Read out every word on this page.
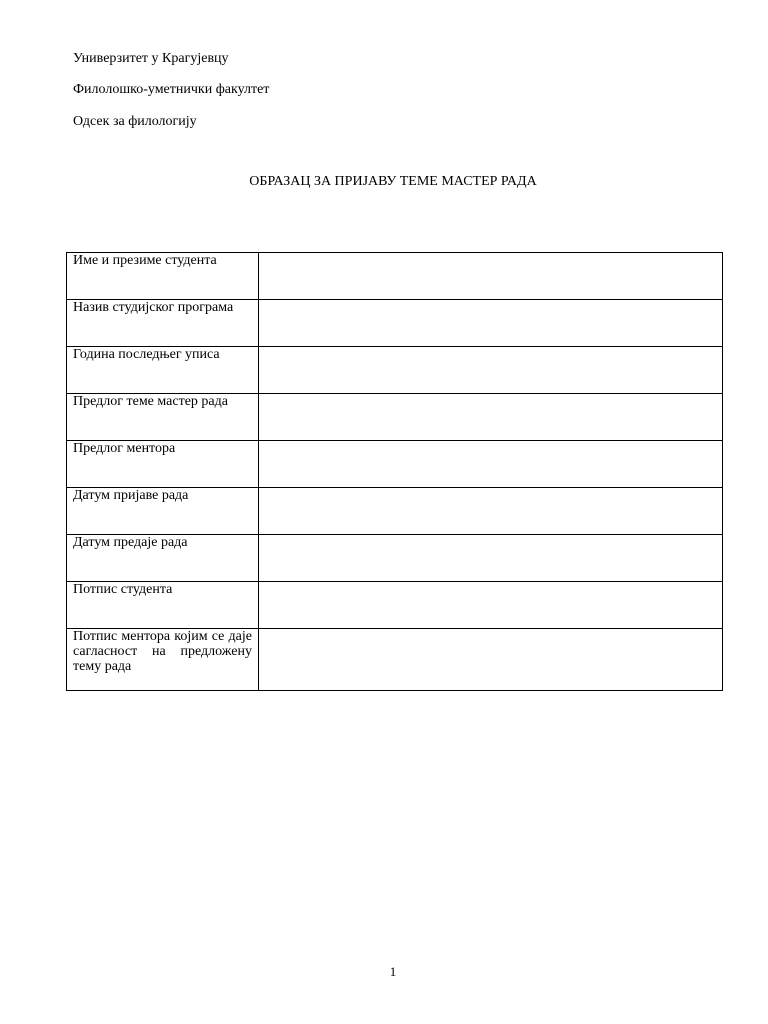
Универзитет у Крагујевцу
Филолошко-уметнички факултет
Одсек за филологију
ОБРАЗАЦ ЗА ПРИЈАВУ ТЕМЕ МАСТЕР РАДА
Име и презиме студента	
Назив студијског програма	
Година последњег уписа	
Предлог теме мастер рада	
Предлог ментора	
Датум пријаве рада	
Датум предаје рада	
Потпис студента	

Потпис ментора којим се даје сагласност на предложену тему рада	

1
